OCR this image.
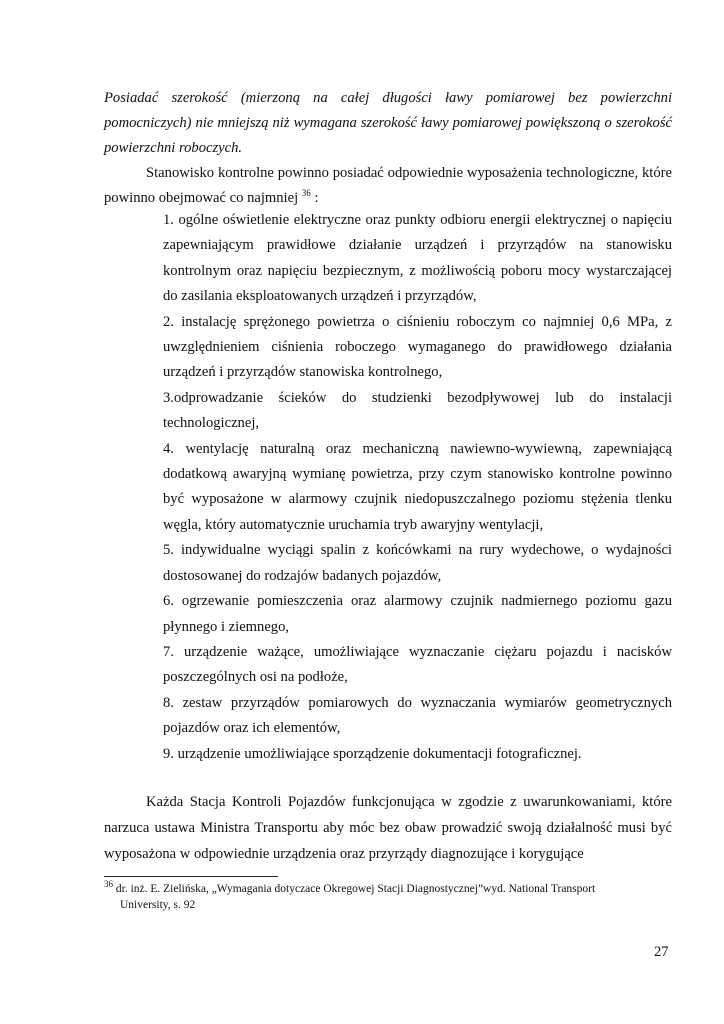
Posiadać szerokość (mierzoną na całej długości ławy pomiarowej bez powierzchni pomocniczych) nie mniejszą niż wymagana szerokość ławy pomiarowej powiększoną o szerokość powierzchni roboczych.

Stanowisko kontrolne powinno posiadać odpowiednie wyposażenia technologiczne, które powinno obejmować co najmniej $^{36}$ :

1. ogólne oświetlenie elektryczne oraz punkty odbioru energii elektrycznej o napięciu zapewniającym prawidłowe działanie urządzeń i przyrządów na stanowisku kontrolnym oraz napięciu bezpiecznym, z możliwością poboru mocy wystarczającej do zasilania eksploatowanych urządzeń i przyrządów,

2. instalację sprężonego powietrza o ciśnieniu roboczym co najmniej 0,6 MPa, z uwzględnieniem ciśnienia roboczego wymaganego do prawidłowego działania urządzeń i przyrządów stanowiska kontrolnego,

3.odprowadzanie ścieków do studzienki bezodpływowej lub do instalacji technologicznej,

4. wentylację naturalną oraz mechaniczną nawiewno-wywiewną, zapewniającą dodatkową awaryjną wymianę powietrza, przy czym stanowisko kontrolne powinno być wyposażone w alarmowy czujnik niedopuszczalnego poziomu stężenia tlenku węgla, który automatycznie uruchamia tryb awaryjny wentylacji,

5. indywidualne wyciągi spalin z końcówkami na rury wydechowe, o wydajności dostosowanej do rodzajów badanych pojazdów,

6. ogrzewanie pomieszczenia oraz alarmowy czujnik nadmiernego poziomu gazu płynnego i ziemnego,

7. urządzenie ważące, umożliwiające wyznaczanie ciężaru pojazdu i nacisków poszczególnych osi na podłoże,

8. zestaw przyrządów pomiarowych do wyznaczania wymiarów geometrycznych pojazdów oraz ich elementów,

9. urządzenie umożliwiające sporządzenie dokumentacji fotograficznej.

Każda Stacja Kontroli Pojazdów funkcjonująca w zgodzie z uwarunkowaniami, które narzuca ustawa Ministra Transportu aby móc bez obaw prowadzić swoją działalność musi być wyposażona w odpowiednie urządzenia oraz przyrządy diagnozujące i korygujące

$^{36}$ dr. inż. E. Zielińska, „Wymagania dotyczace Okregowej Stacji Diagnostycznej”wyd. National Transport
University, s. 92
27
